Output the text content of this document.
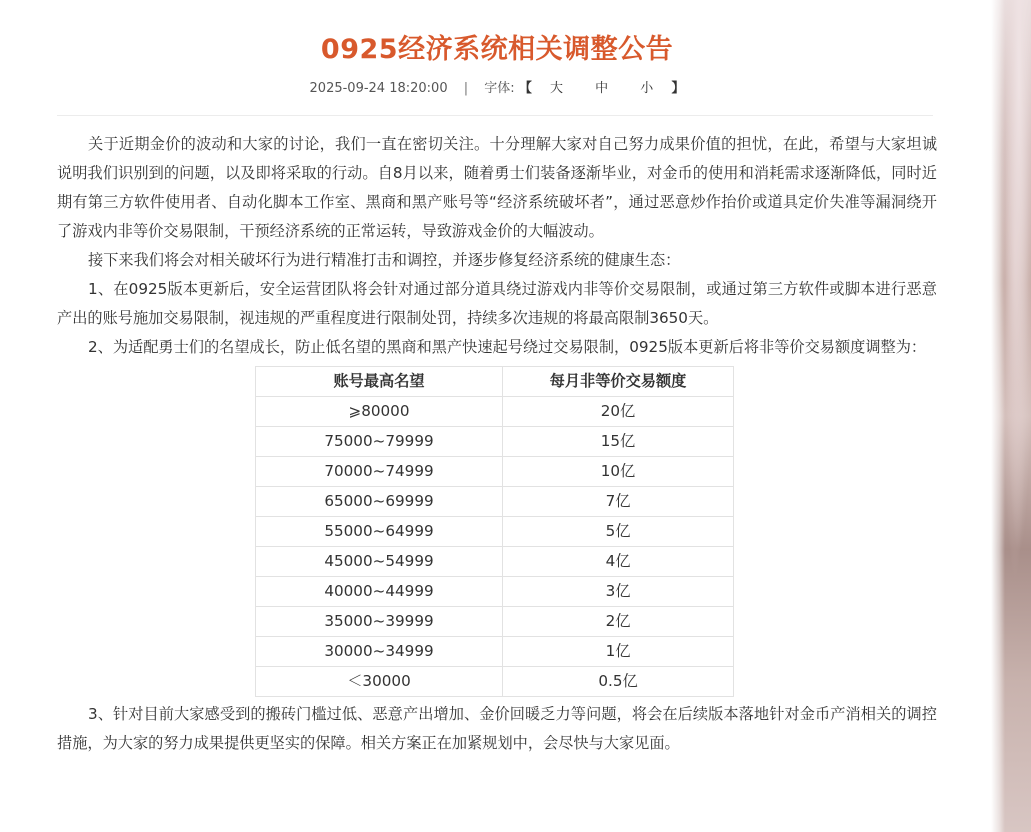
0925经济系统相关调整公告
2025-09-24 18:20:00 | 字体: 【 大 中 小 】

关于近期金价的波动和大家的讨论，我们一直在密切关注。十分理解大家对自己努力成果价值的担忧，在此，希望与大家坦诚说明我们识别到的问题，以及即将采取的行动。自8月以来，随着勇士们装备逐渐毕业，对金币的使用和消耗需求逐渐降低，同时近期有第三方软件使用者、自动化脚本工作室、黑商和黑产账号等“经济系统破坏者”，通过恶意炒作抬价或道具定价失准等漏洞绕开了游戏内非等价交易限制，干预经济系统的正常运转，导致游戏金价的大幅波动。

接下来我们将会对相关破坏行为进行精准打击和调控，并逐步修复经济系统的健康生态：

1、在0925版本更新后，安全运营团队将会针对通过部分道具绕过游戏内非等价交易限制，或通过第三方软件或脚本进行恶意产出的账号施加交易限制，视违规的严重程度进行限制处罚，持续多次违规的将最高限制3650天。

2、为适配勇士们的名望成长，防止低名望的黑商和黑产快速起号绕过交易限制，0925版本更新后将非等价交易额度调整为：

账号最高名望	每月非等价交易额度
⩾80000	20亿
75000~79999	15亿
70000~74999	10亿
65000~69999	7亿
55000~64999	5亿
45000~54999	4亿
40000~44999	3亿
35000~39999	2亿
30000~34999	1亿
＜30000	0.5亿

3、针对目前大家感受到的搬砖门槛过低、恶意产出增加、金价回暖乏力等问题，将会在后续版本落地针对金币产消相关的调控措施，为大家的努力成果提供更坚实的保障。相关方案正在加紧规划中，会尽快与大家见面。
